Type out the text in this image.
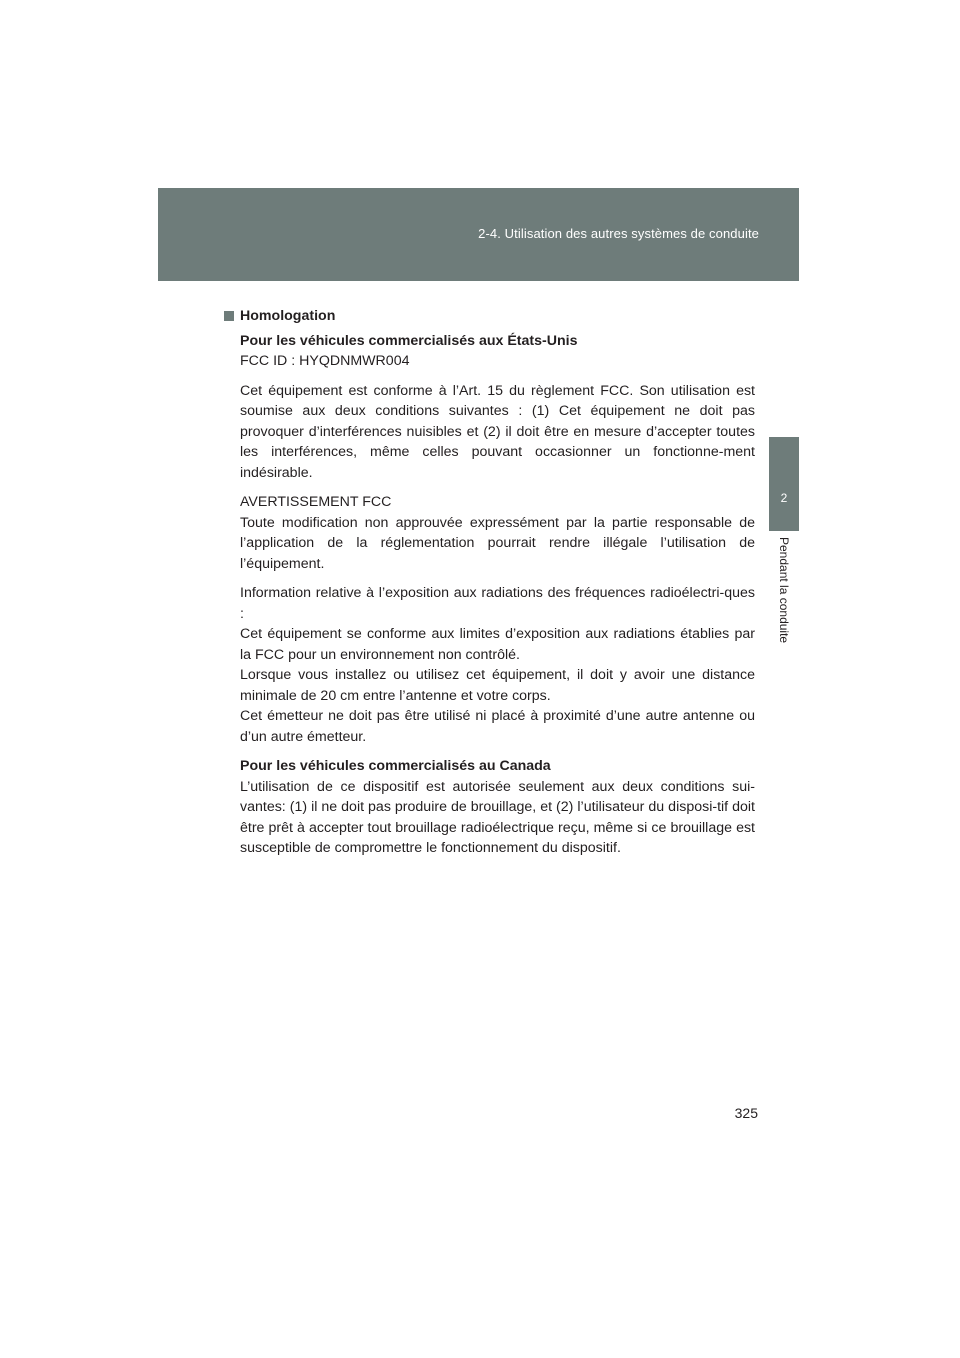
2-4. Utilisation des autres systèmes de conduite
2
Pendant la conduite
Homologation

Pour les véhicules commercialisés aux États-Unis
FCC ID : HYQDNMWR004

Cet équipement est conforme à l’Art. 15 du règlement FCC. Son utilisation est soumise aux deux conditions suivantes : (1) Cet équipement ne doit pas provoquer d’interférences nuisibles et (2) il doit être en mesure d’accepter toutes les interférences, même celles pouvant occasionner un fonctionne-ment indésirable.

AVERTISSEMENT FCC
Toute modification non approuvée expressément par la partie responsable de l’application de la réglementation pourrait rendre illégale l’utilisation de l’équipement.

Information relative à l’exposition aux radiations des fréquences radioélectri-ques :
Cet équipement se conforme aux limites d’exposition aux radiations établies par la FCC pour un environnement non contrôlé.
Lorsque vous installez ou utilisez cet équipement, il doit y avoir une distance minimale de 20 cm entre l’antenne et votre corps.
Cet émetteur ne doit pas être utilisé ni placé à proximité d’une autre antenne ou d’un autre émetteur.

Pour les véhicules commercialisés au Canada
L’utilisation de ce dispositif est autorisée seulement aux deux conditions sui-vantes: (1) il ne doit pas produire de brouillage, et (2) l’utilisateur du disposi-tif doit être prêt à accepter tout brouillage radioélectrique reçu, même si ce brouillage est susceptible de compromettre le fonctionnement du dispositif.

325
